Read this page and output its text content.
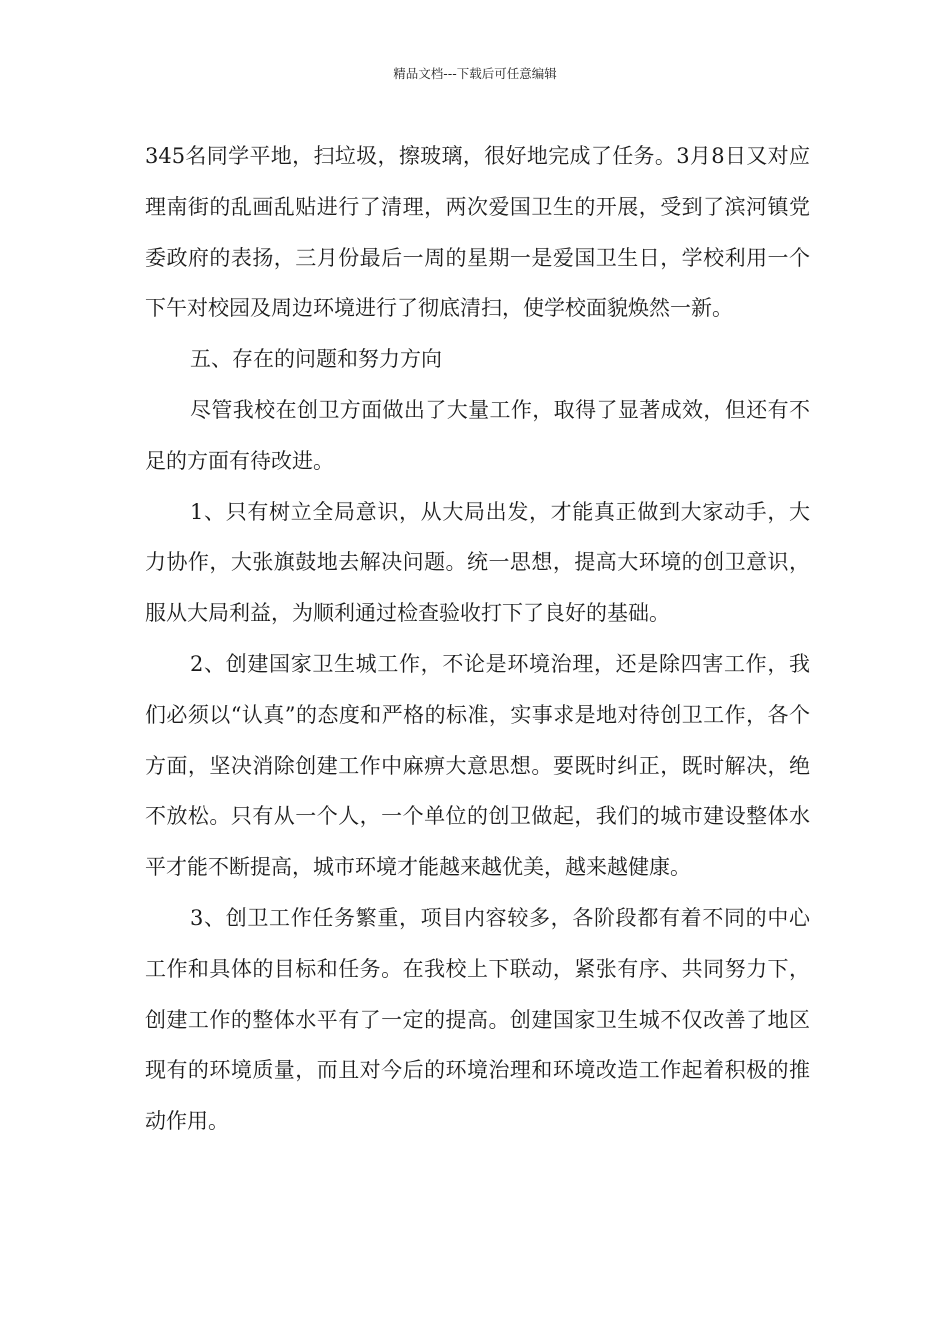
精品文档---下载后可任意编辑

345名同学平地，扫垃圾，擦玻璃，很好地完成了任务。3月8日又对应理南街的乱画乱贴进行了清理，两次爱国卫生的开展，受到了滨河镇党委政府的表扬，三月份最后一周的星期一是爱国卫生日，学校利用一个下午对校园及周边环境进行了彻底清扫，使学校面貌焕然一新。

五、存在的问题和努力方向

尽管我校在创卫方面做出了大量工作，取得了显著成效，但还有不足的方面有待改进。

1、只有树立全局意识，从大局出发，才能真正做到大家动手，大力协作，大张旗鼓地去解决问题。统一思想，提高大环境的创卫意识，服从大局利益，为顺利通过检查验收打下了良好的基础。

2、创建国家卫生城工作，不论是环境治理，还是除四害工作，我们必须以“认真”的态度和严格的标准，实事求是地对待创卫工作，各个方面，坚决消除创建工作中麻痹大意思想。要既时纠正，既时解决，绝不放松。只有从一个人，一个单位的创卫做起，我们的城市建设整体水平才能不断提高，城市环境才能越来越优美，越来越健康。

3、创卫工作任务繁重，项目内容较多，各阶段都有着不同的中心工作和具体的目标和任务。在我校上下联动，紧张有序、共同努力下，创建工作的整体水平有了一定的提高。创建国家卫生城不仅改善了地区现有的环境质量，而且对今后的环境治理和环境改造工作起着积极的推动作用。
